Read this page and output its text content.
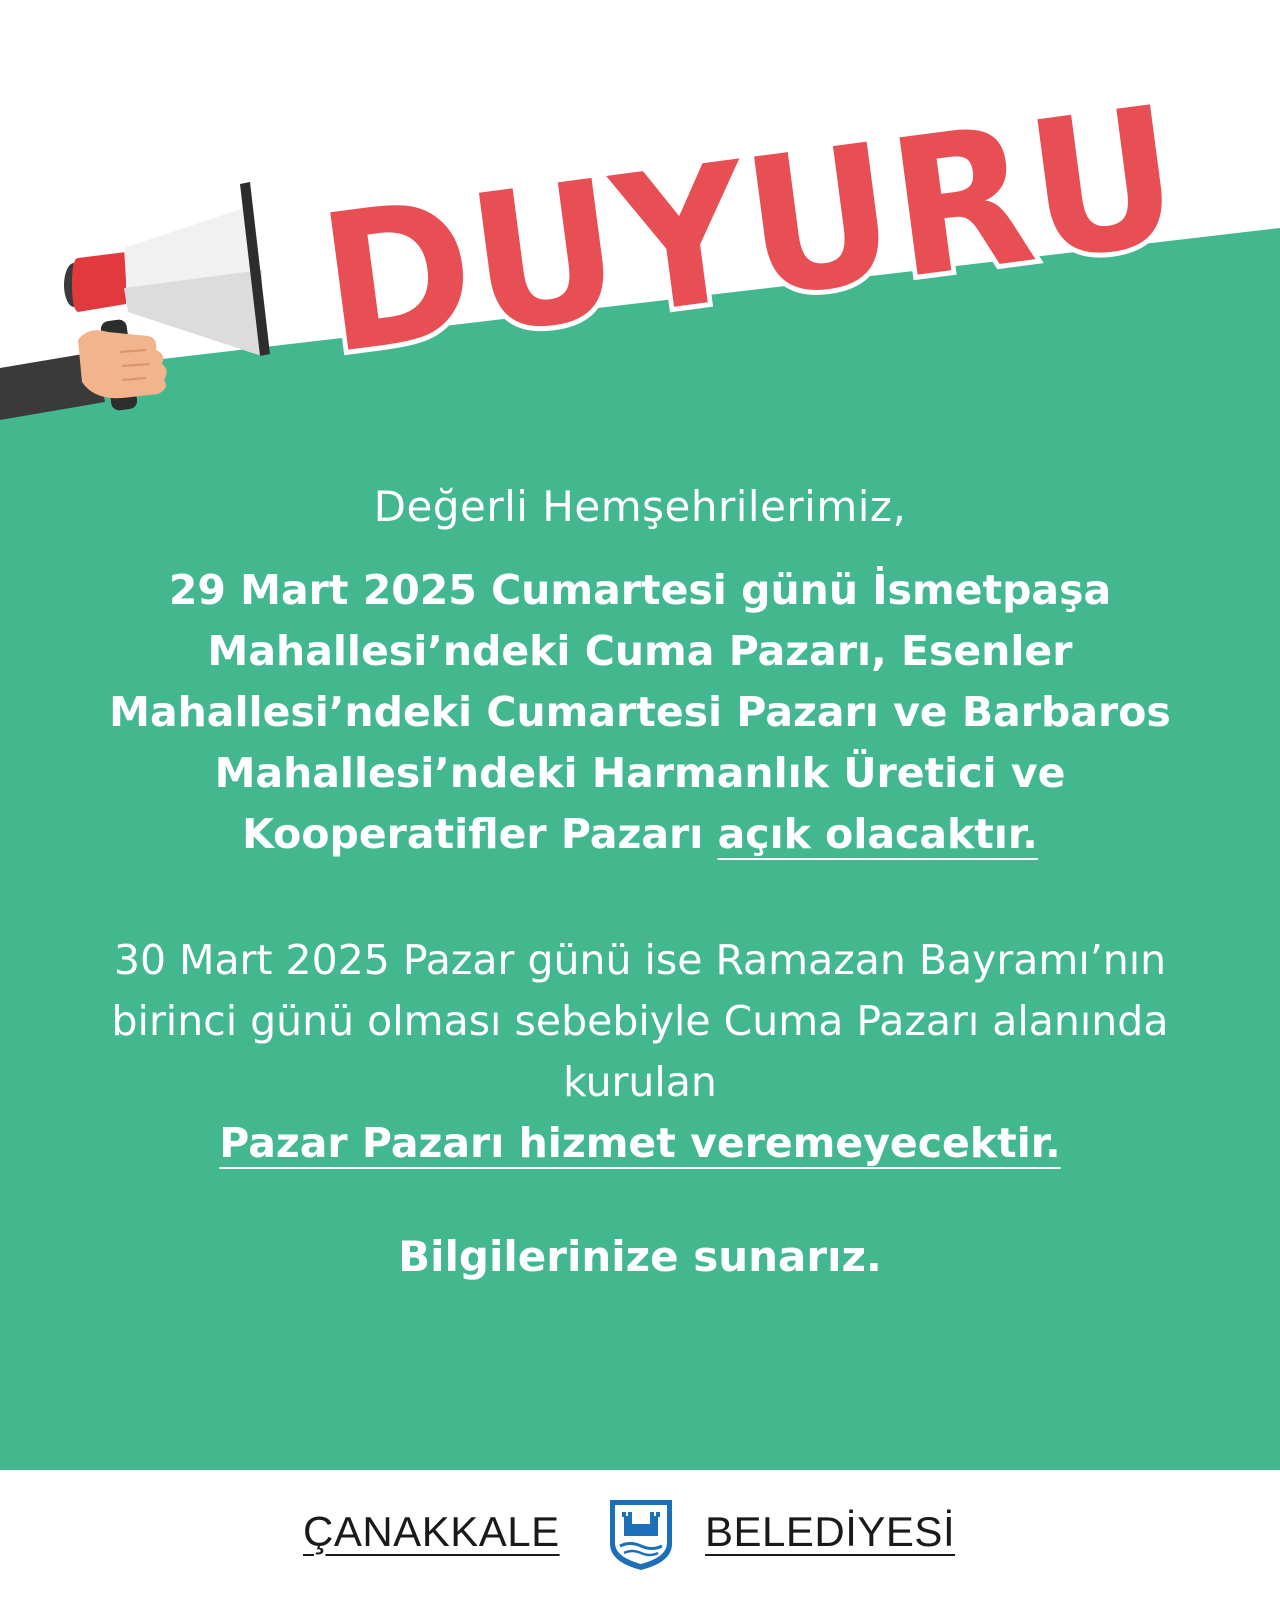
DUYURU
Değerli Hemşehrilerimiz,
29 Mart 2025 Cumartesi günü İsmetpaşa Mahallesi’ndeki Cuma Pazarı, Esenler Mahallesi’ndeki Cumartesi Pazarı ve Barbaros Mahallesi’ndeki Harmanlık Üretici ve Kooperatifler Pazarı açık olacaktır.
30 Mart 2025 Pazar günü ise Ramazan Bayramı’nın birinci günü olması sebebiyle Cuma Pazarı alanında kurulan
Pazar Pazarı hizmet veremeyecektir.
Bilgilerinize sunarız.
ÇANAKKALE	BELEDİYESİ
